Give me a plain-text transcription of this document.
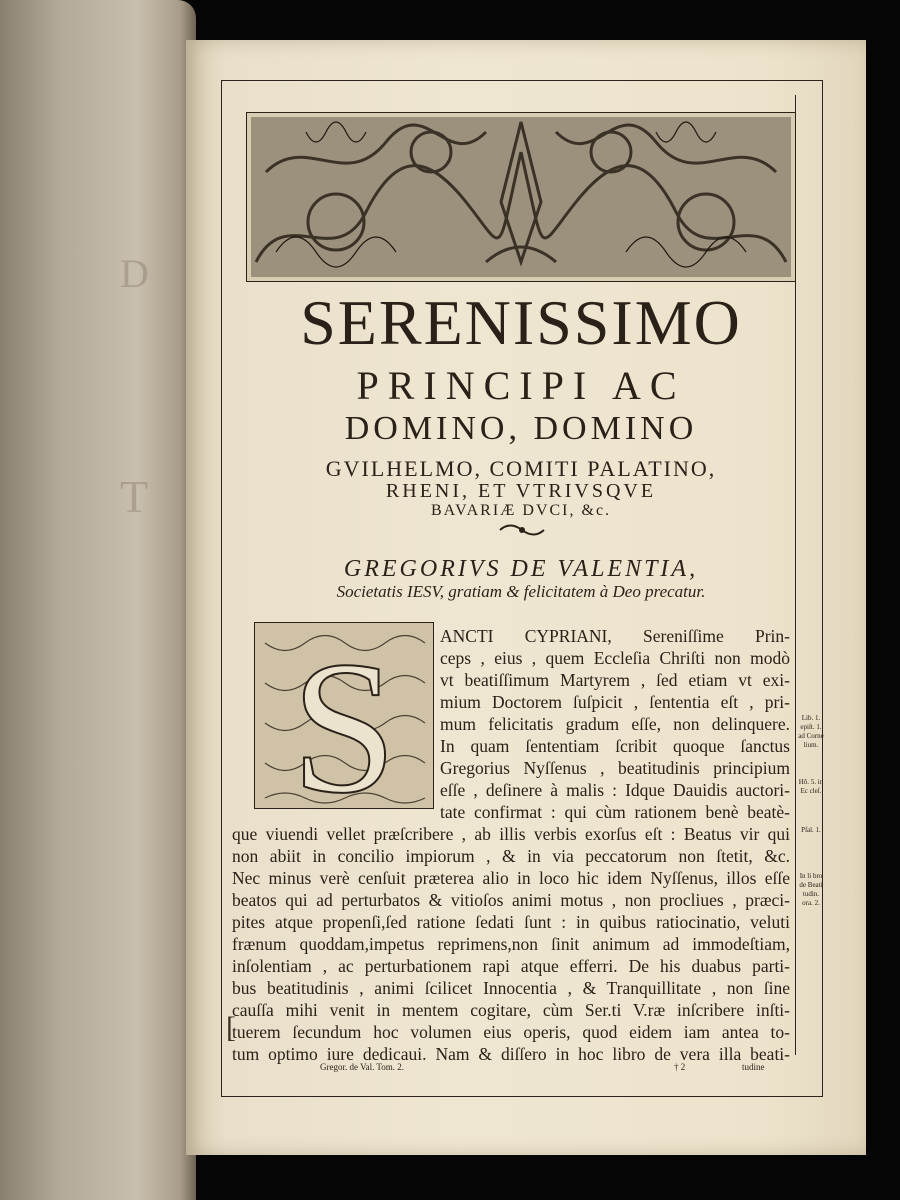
D
T
SERENISSIMO
PRINCIPI AC
DOMINO, DOMINO
GVILHELMO, COMITI PALATINO,
RHENI, ET VTRIVSQVE
BAVARIÆ DVCI, &c.
GREGORIVS DE VALENTIA,
Societatis IESV, gratiam & felicitatem à Deo precatur.
S ANCTI CYPRIANI, Sereniſſime Prin-
ceps , eius , quem Eccleſia Chriſti non modò
vt beatiſſimum Martyrem , ſed etiam vt exi-
mium Doctorem ſuſpicit , ſententia eſt , pri-
mum felicitatis gradum eſſe, non delinquere.
In quam ſententiam ſcribit quoque ſanctus
Gregorius Nyſſenus , beatitudinis principium
eſſe , deſinere à malis : Idque Dauidis auctori-
tate confirmat : qui cùm rationem benè beatè-
que viuendi vellet præſcribere , ab illis verbis exorſus eſt : Beatus vir qui
non abiit in concilio impiorum , & in via peccatorum non ſtetit, &c.
Nec minus verè cenſuit præterea alio in loco hic idem Nyſſenus, illos eſſe
beatos qui ad perturbatos & vitioſos animi motus , non procliues , præci-
pites atque propenſi,ſed ratione ſedati ſunt : in quibus ratiocinatio, veluti
frænum quoddam,impetus reprimens,non ſinit animum ad immodeſtiam,
inſolentiam , ac perturbationem rapi atque efferri. De his duabus parti-
bus beatitudinis , animi ſcilicet Innocentia , & Tranquillitate , non ſine
cauſſa mihi venit in mentem cogitare, cùm Ser.ti V.ræ inſcribere inſti-
tuerem ſecundum hoc volumen eius operis, quod eidem iam antea to-
tum optimo iure dedicaui. Nam & diſſero in hoc libro de vera illa beati-
[
Lib. 1. epiſt. 1. ad Corne lium.
Hõ. 5. in Ec cleſ.
Pſal. 1.
In li bro de Beati tudin. ora. 2.
Gregor. de Val. Tom. 2.	† 2	tudine
